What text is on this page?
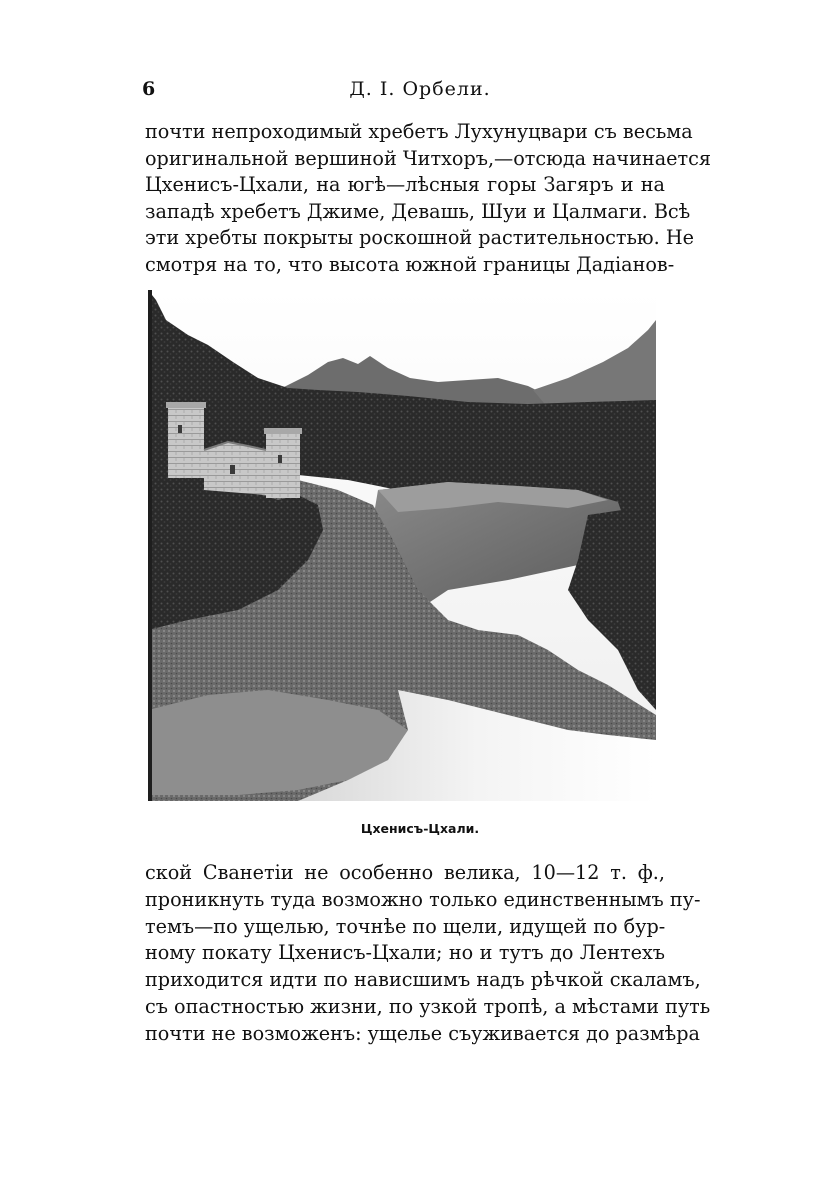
6	Д. I. Орбели.
почти непроходимый хребетъ Лухунуцвари съ весьма
оригинальной вершиной Читхоръ,—отсюда начинается
Цхенисъ-Цхали, на югѣ—лѣсныя горы Загяръ и на
западѣ хребетъ Джиме, Девашь, Шуи и Цалмаги. Всѣ
эти хребты покрыты роскошной растительностью. Не
смотря на то, что высота южной границы Дадіанов-
Цхенисъ-Цхали.
ской Сванетіи не особенно велика, 10—12 т. ф.,
проникнуть туда возможно только единственнымъ пу-
темъ—по ущелью, точнѣе по щели, идущей по бур-
ному покату Цхенисъ-Цхали; но и тутъ до Лентехъ
приходится идти по нависшимъ надъ рѣчкой скаламъ,
съ опастностью жизни, по узкой тропѣ, а мѣстами путь
почти не возможенъ: ущелье съуживается до размѣра
